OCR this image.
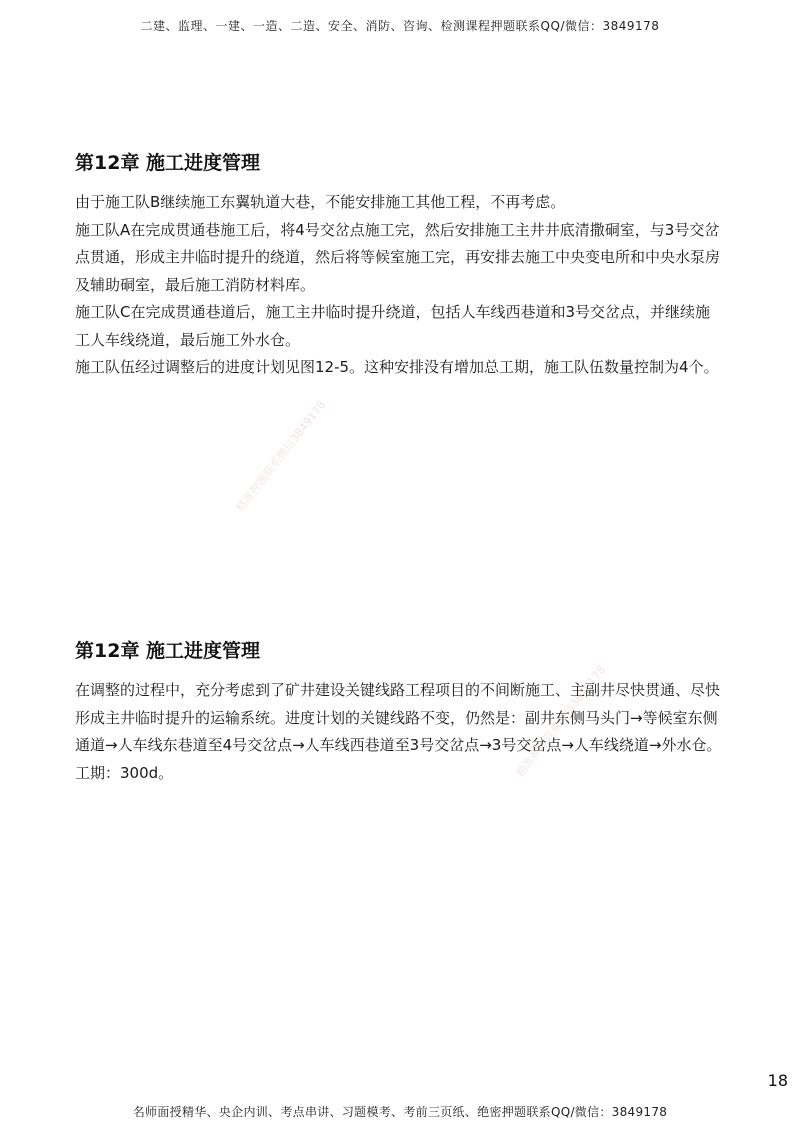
二建、监理、一建、一造、二造、安全、消防、咨询、检测课程押题联系QQ/微信：3849178
第12章 施工进度管理

由于施工队B继续施工东翼轨道大巷，不能安排施工其他工程，不再考虑。

施工队A在完成贯通巷施工后，将4号交岔点施工完，然后安排施工主井井底清撒硐室，与3号交岔点贯通，形成主井临时提升的绕道，然后将等候室施工完，再安排去施工中央变电所和中央水泵房及辅助硐室，最后施工消防材料库。

施工队C在完成贯通巷道后，施工主井临时提升绕道，包括人车线西巷道和3号交岔点，并继续施工人车线绕道，最后施工外水仓。

施工队伍经过调整后的进度计划见图12-5。这种安排没有增加总工期，施工队伍数量控制为4个。

精准押题联系微信3849178
第12章 施工进度管理

在调整的过程中，充分考虑到了矿井建设关键线路工程项目的不间断施工、主副井尽快贯通、尽快形成主井临时提升的运输系统。进度计划的关键线路不变，仍然是：副井东侧马头门→等候室东侧通道→人车线东巷道至4号交岔点→人车线西巷道至3号交岔点→3号交岔点→人车线绕道→外水仓。工期：300d。	精准押题联系微信3849178
18
名师面授精华、央企内训、考点串讲、习题模考、考前三页纸、绝密押题联系QQ/微信：3849178
